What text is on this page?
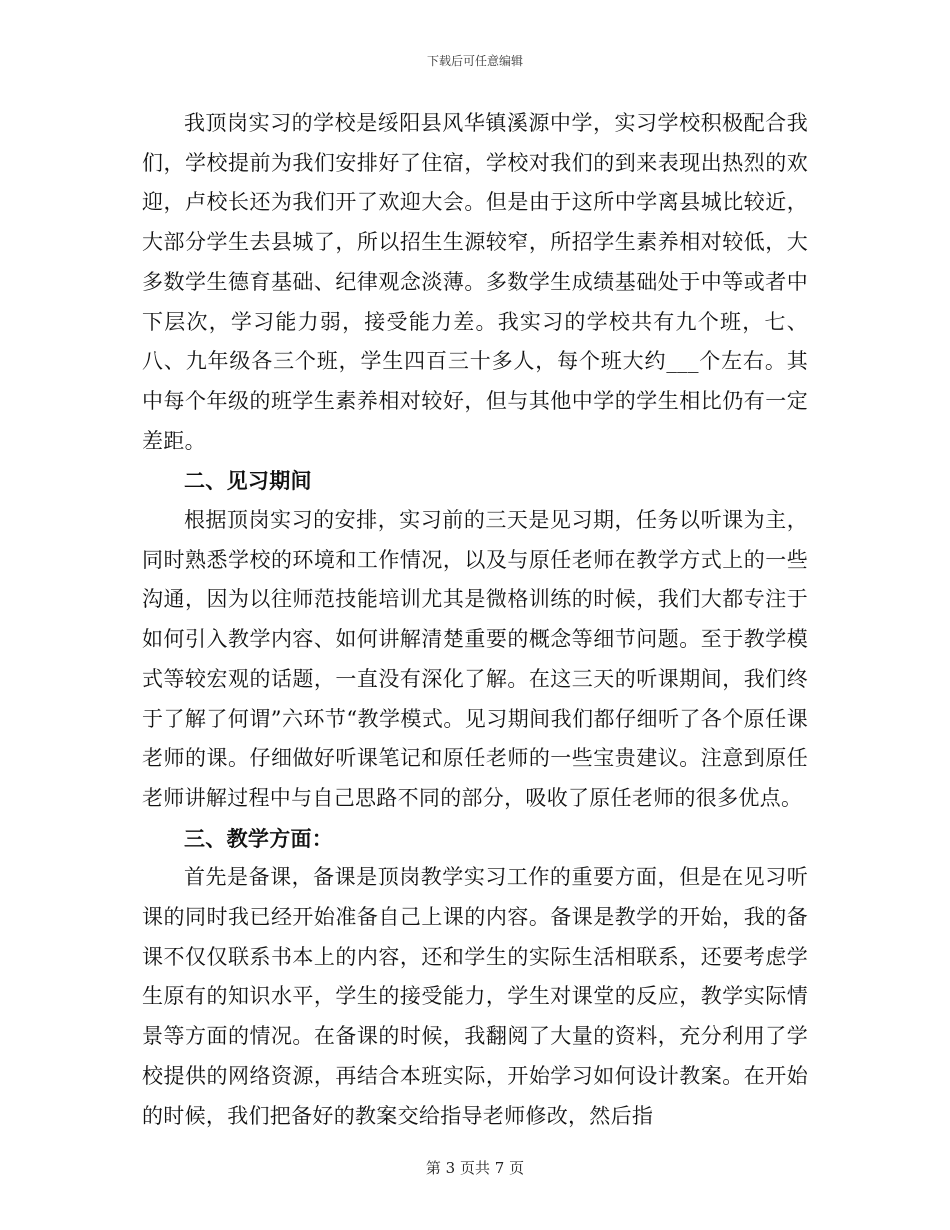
下载后可任意编辑

我顶岗实习的学校是绥阳县风华镇溪源中学，实习学校积极配合我们，学校提前为我们安排好了住宿，学校对我们的到来表现出热烈的欢迎，卢校长还为我们开了欢迎大会。但是由于这所中学离县城比较近，大部分学生去县城了，所以招生生源较窄，所招学生素养相对较低，大多数学生德育基础、纪律观念淡薄。多数学生成绩基础处于中等或者中下层次，学习能力弱，接受能力差。我实习的学校共有九个班，七、八、九年级各三个班，学生四百三十多人，每个班大约___个左右。其中每个年级的班学生素养相对较好，但与其他中学的学生相比仍有一定差距。

二、见习期间

根据顶岗实习的安排，实习前的三天是见习期，任务以听课为主，同时熟悉学校的环境和工作情况，以及与原任老师在教学方式上的一些沟通，因为以往师范技能培训尤其是微格训练的时候，我们大都专注于如何引入教学内容、如何讲解清楚重要的概念等细节问题。至于教学模式等较宏观的话题，一直没有深化了解。在这三天的听课期间，我们终于了解了何谓”六环节“教学模式。见习期间我们都仔细听了各个原任课老师的课。仔细做好听课笔记和原任老师的一些宝贵建议。注意到原任老师讲解过程中与自己思路不同的部分，吸收了原任老师的很多优点。

三、教学方面：

首先是备课，备课是顶岗教学实习工作的重要方面，但是在见习听课的同时我已经开始准备自己上课的内容。备课是教学的开始，我的备课不仅仅联系书本上的内容，还和学生的实际生活相联系，还要考虑学生原有的知识水平，学生的接受能力，学生对课堂的反应，教学实际情景等方面的情况。在备课的时候，我翻阅了大量的资料，充分利用了学校提供的网络资源，再结合本班实际，开始学习如何设计教案。在开始的时候，我们把备好的教案交给指导老师修改，然后指

第 3 页共 7 页
